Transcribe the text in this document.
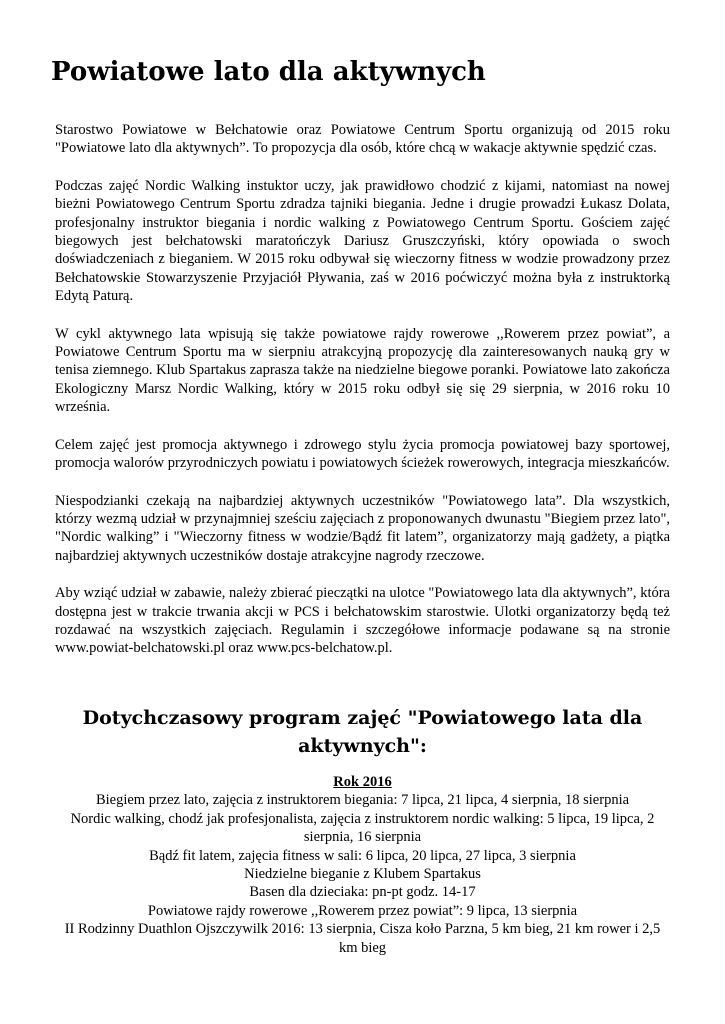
Powiatowe lato dla aktywnych

Starostwo Powiatowe w Bełchatowie oraz Powiatowe Centrum Sportu organizują od 2015 roku "Powiatowe lato dla aktywnych”. To propozycja dla osób, które chcą w wakacje aktywnie spędzić czas.

Podczas zajęć Nordic Walking instuktor uczy, jak prawidłowo chodzić z kijami, natomiast na nowej bieżni Powiatowego Centrum Sportu zdradza tajniki biegania. Jedne i drugie prowadzi Łukasz Dolata, profesjonalny instruktor biegania i nordic walking z Powiatowego Centrum Sportu. Gościem zajęć biegowych jest bełchatowski maratończyk Dariusz Gruszczyński, który opowiada o swoch doświadczeniach z bieganiem. W 2015 roku odbywał się wieczorny fitness w wodzie prowadzony przez Bełchatowskie Stowarzyszenie Przyjaciół Pływania, zaś w 2016 poćwiczyć można była z instruktorką Edytą Paturą.

W cykl aktywnego lata wpisują się także powiatowe rajdy rowerowe ,,Rowerem przez powiat”, a Powiatowe Centrum Sportu ma w sierpniu atrakcyjną propozycję dla zainteresowanych nauką gry w tenisa ziemnego. Klub Spartakus zaprasza także na niedzielne biegowe poranki. Powiatowe lato zakończa Ekologiczny Marsz Nordic Walking, który w 2015 roku odbył się się 29 sierpnia, w 2016 roku 10 września.

Celem zajęć jest promocja aktywnego i zdrowego stylu życia promocja powiatowej bazy sportowej, promocja walorów przyrodniczych powiatu i powiatowych ścieżek rowerowych, integracja mieszkańców.

Niespodzianki czekają na najbardziej aktywnych uczestników "Powiatowego lata”. Dla wszystkich, którzy wezmą udział w przynajmniej sześciu zajęciach z proponowanych dwunastu "Biegiem przez lato", "Nordic walking” i "Wieczorny fitness w wodzie/Bądź fit latem”, organizatorzy mają gadżety, a piątka najbardziej aktywnych uczestników dostaje atrakcyjne nagrody rzeczowe.

Aby wziąć udział w zabawie, należy zbierać pieczątki na ulotce "Powiatowego lata dla aktywnych”, która dostępna jest w trakcie trwania akcji w PCS i bełchatowskim starostwie. Ulotki organizatorzy będą też rozdawać na wszystkich zajęciach. Regulamin i szczegółowe informacje podawane są na stronie www.powiat-belchatowski.pl oraz www.pcs-belchatow.pl.

Dotychczasowy program zajęć "Powiatowego lata dla aktywnych":
Rok 2016
Biegiem przez lato, zajęcia z instruktorem biegania: 7 lipca, 21 lipca, 4 sierpnia, 18 sierpnia
Nordic walking, chodź jak profesjonalista, zajęcia z instruktorem nordic walking: 5 lipca, 19 lipca, 2 sierpnia, 16 sierpnia
Bądź fit latem, zajęcia fitness w sali: 6 lipca, 20 lipca, 27 lipca, 3 sierpnia
Niedzielne bieganie z Klubem Spartakus
Basen dla dzieciaka: pn-pt godz. 14-17
Powiatowe rajdy rowerowe ,,Rowerem przez powiat”: 9 lipca, 13 sierpnia
II Rodzinny Duathlon Ojszczywilk 2016: 13 sierpnia, Cisza koło Parzna, 5 km bieg, 21 km rower i 2,5 km bieg
